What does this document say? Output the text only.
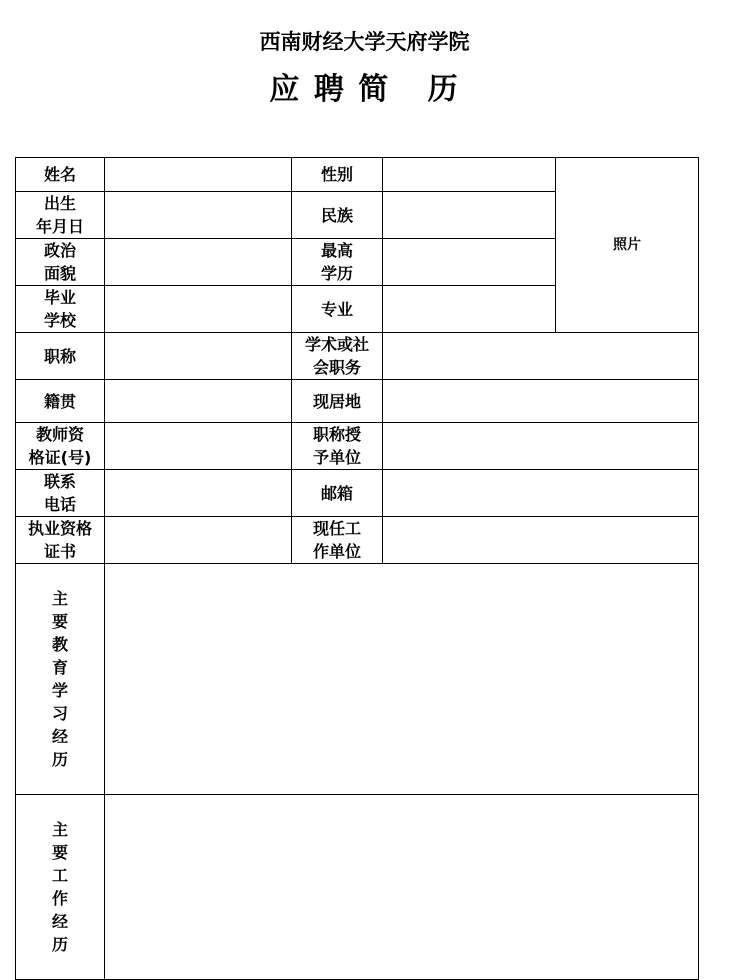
西南财经大学天府学院
应 聘 简   历
姓名		性别		照片
出生
年月日		民族		
政治
面貌		最高
学历		
毕业
学校		专业		
职称		学术或社
会职务		
籍贯		现居地		
教师资
格证(号)		职称授
予单位		
联系
电话		邮箱		
执业资格
证书		现任工
作单位		

主要教育学习经历				

主要工作经历				
